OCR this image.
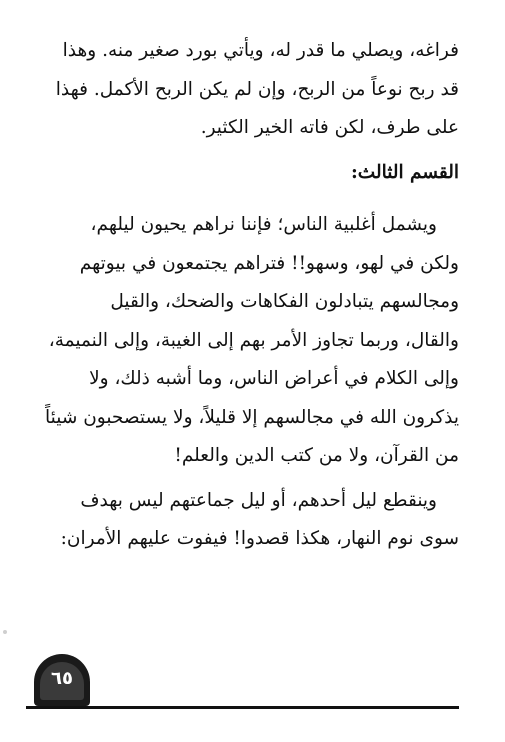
فراغه، ويصلي ما قدر له، ويأتي بورد صغير منه. وهذا
قد ربح نوعاً من الربح، وإن لم يكن الربح الأكمل. فهذا
على طرف، لكن فاته الخير الكثير.
القسم الثالث:
ويشمل أغلبية الناس؛ فإننا نراهم يحيون ليلهم،
ولكن في لهو، وسهو!! فتراهم يجتمعون في بيوتهم
ومجالسهم يتبادلون الفكاهات والضحك، والقيل
والقال، وربما تجاوز الأمر بهم إلى الغيبة، وإلى النميمة،
وإلى الكلام في أعراض الناس، وما أشبه ذلك، ولا
يذكرون الله في مجالسهم إلا قليلاً، ولا يستصحبون شيئاً
من القرآن، ولا من كتب الدين والعلم!
وينقطع ليل أحدهم، أو ليل جماعتهم ليس بهدف
سوى نوم النهار، هكذا قصدوا! فيفوت عليهم الأمران:
٦٥
